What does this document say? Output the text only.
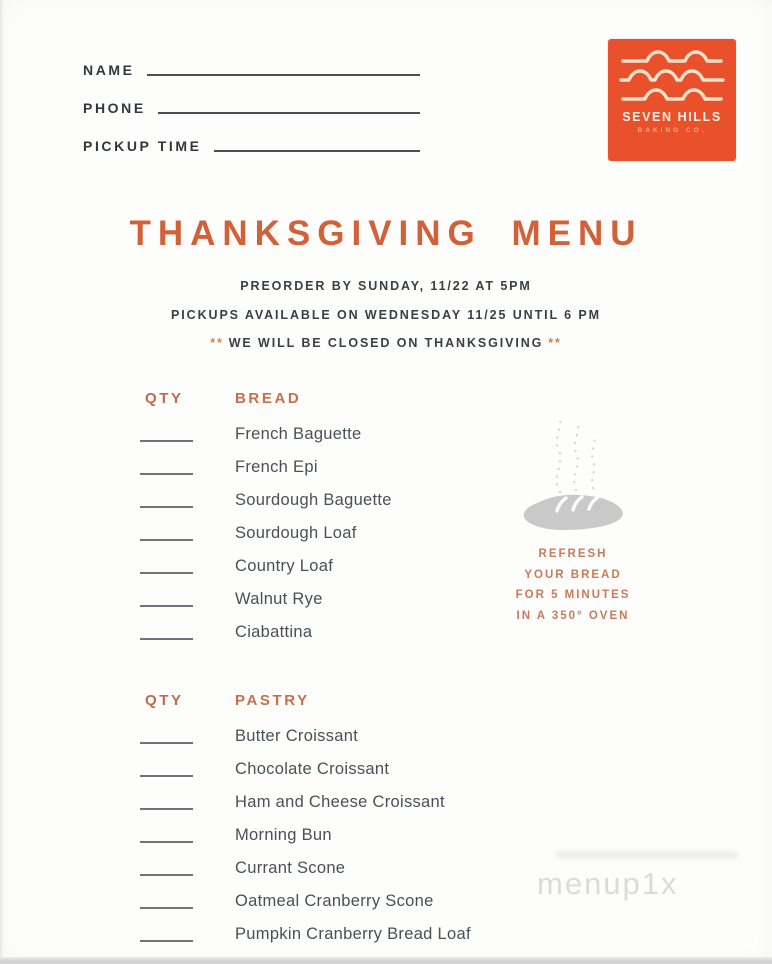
NAME
PHONE
PICKUP TIME
SEVEN HILLS
BAKING CO.
THANKSGIVING MENU
PREORDER BY SUNDAY, 11/22 AT 5PM
PICKUPS AVAILABLE ON WEDNESDAY 11/25 UNTIL 6 PM
** WE WILL BE CLOSED ON THANKSGIVING **
QTY	BREAD
French Baguette
French Epi
Sourdough Baguette
Sourdough Loaf
Country Loaf
Walnut Rye
Ciabattina
REFRESH
YOUR BREAD
FOR 5 MINUTES
IN A 350° OVEN
QTY	PASTRY
Butter Croissant
Chocolate Croissant
Ham and Cheese Croissant
Morning Bun
Currant Scone
Oatmeal Cranberry Scone
Pumpkin Cranberry Bread Loaf
menup1x
